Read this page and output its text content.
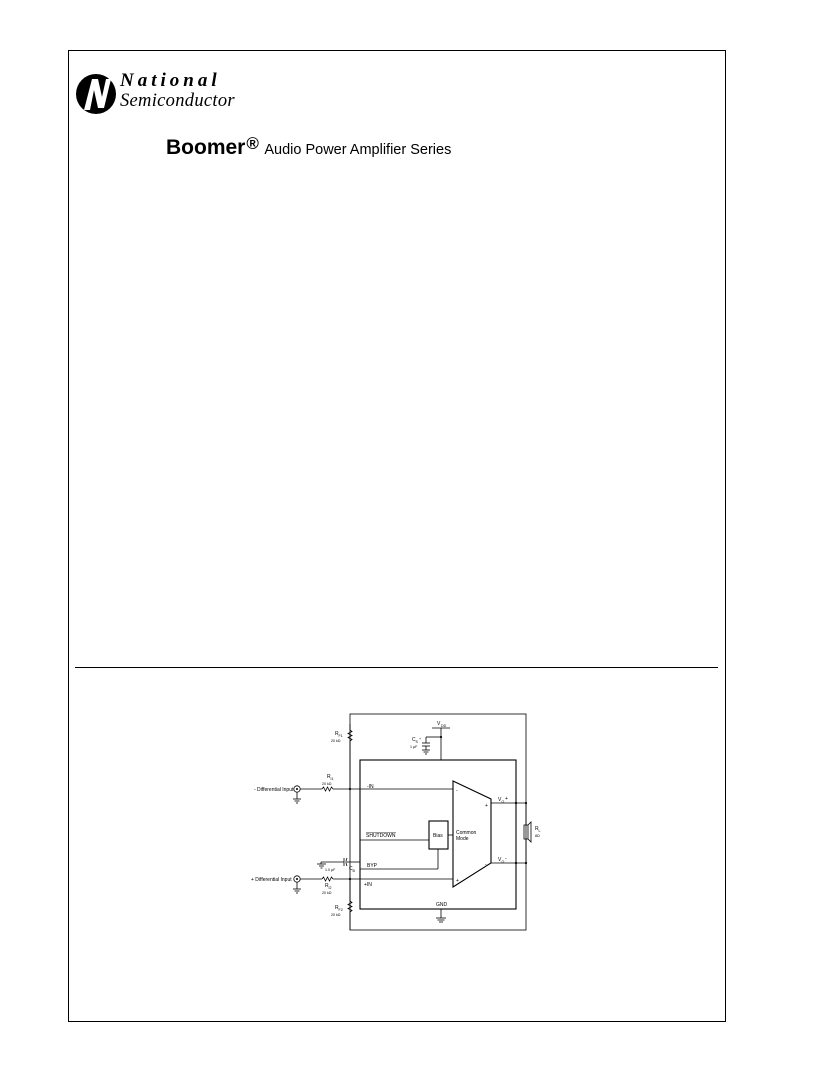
National
Semiconductor
Boomer® Audio Power Amplifier Series
V DD
C S
+
1 µF
R F1
20 kΩ
- Differential Input
R I1
20 kΩ	-IN
-
+
+
-
Common
Mode
Bias
SHUTDOWN
1.0 µF	C B
BYP
+ Differential Input
R I2
20 kΩ
+IN
R F2
20 kΩ
GND
V O +
V O -
R L
8Ω
